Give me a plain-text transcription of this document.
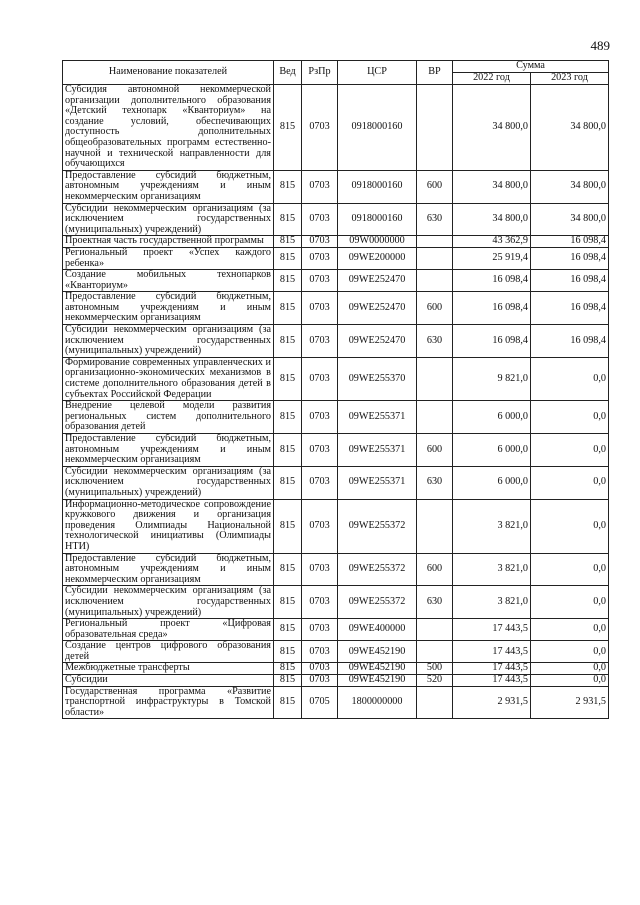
489
Наименование показателей	Вед	РзПр	ЦСР	ВР	Сумма	
					2022 год	2023 год
Субсидия автономной некоммерческой организации дополнительного образования «Детский технопарк «Кванториум» на создание условий, обеспечивающих доступность дополнительных общеобразовательных программ естественно-научной и технической направленности для обучающихся	815	0703	0918000160		34 800,0	34 800,0
Предоставление субсидий бюджетным, автономным учреждениям и иным некоммерческим организациям	815	0703	0918000160	600	34 800,0	34 800,0
Субсидии некоммерческим организациям (за исключением государственных (муниципальных) учреждений)	815	0703	0918000160	630	34 800,0	34 800,0
Проектная часть государственной программы	815	0703	09W0000000		43 362,9	16 098,4
Региональный проект «Успех каждого ребенка»	815	0703	09WE200000		25 919,4	16 098,4
Создание мобильных технопарков «Кванториум»	815	0703	09WE252470		16 098,4	16 098,4
Предоставление субсидий бюджетным, автономным учреждениям и иным некоммерческим организациям	815	0703	09WE252470	600	16 098,4	16 098,4
Субсидии некоммерческим организациям (за исключением государственных (муниципальных) учреждений)	815	0703	09WE252470	630	16 098,4	16 098,4
Формирование современных управленческих и организационно-экономических механизмов в системе дополнительного образования детей в субъектах Российской Федерации	815	0703	09WE255370		9 821,0	0,0
Внедрение целевой модели развития региональных систем дополнительного образования детей	815	0703	09WE255371		6 000,0	0,0
Предоставление субсидий бюджетным, автономным учреждениям и иным некоммерческим организациям	815	0703	09WE255371	600	6 000,0	0,0
Субсидии некоммерческим организациям (за исключением государственных (муниципальных) учреждений)	815	0703	09WE255371	630	6 000,0	0,0
Информационно-методическое сопровождение кружкового движения и организация проведения Олимпиады Национальной технологической инициативы (Олимпиады НТИ)	815	0703	09WE255372		3 821,0	0,0
Предоставление субсидий бюджетным, автономным учреждениям и иным некоммерческим организациям	815	0703	09WE255372	600	3 821,0	0,0
Субсидии некоммерческим организациям (за исключением государственных (муниципальных) учреждений)	815	0703	09WE255372	630	3 821,0	0,0
Региональный проект «Цифровая образовательная среда»	815	0703	09WE400000		17 443,5	0,0
Создание центров цифрового образования детей	815	0703	09WE452190		17 443,5	0,0
Межбюджетные трансферты	815	0703	09WE452190	500	17 443,5	0,0
Субсидии	815	0703	09WE452190	520	17 443,5	0,0
Государственная программа «Развитие транспортной инфраструктуры в Томской области»	815	0705	1800000000		2 931,5	2 931,5
